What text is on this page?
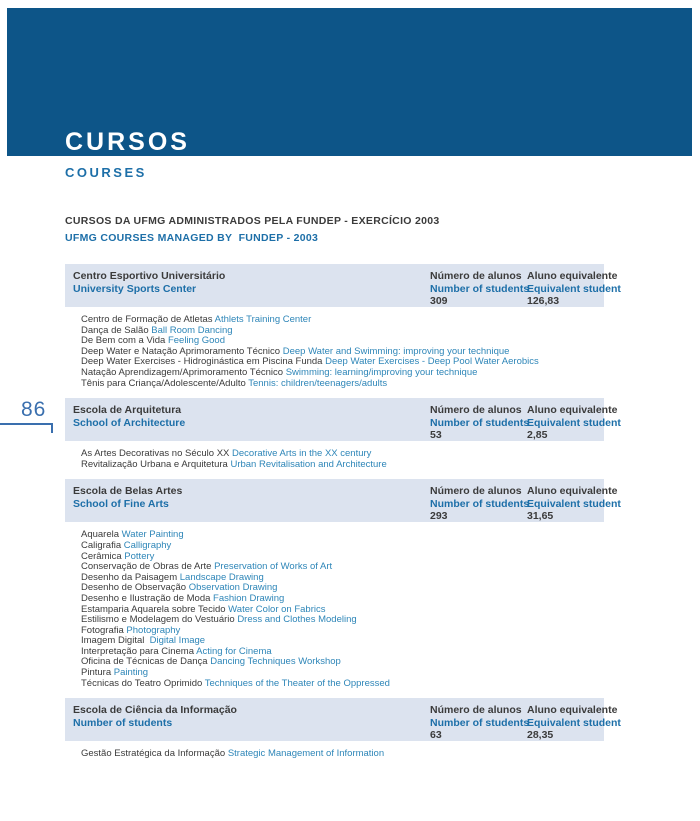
CURSOS
COURSES
CURSOS DA UFMG ADMINISTRADOS PELA FUNDEP - EXERCÍCIO 2003
UFMG COURSES MANAGED BY  FUNDEP - 2003
86
Centro Esportivo Universitário
University Sports Center
Número de alunos
Number of students
309
Aluno equivalente
Equivalent student
126,83
Centro de Formação de Atletas Athlets Training Center
Dança de Salão Ball Room Dancing
De Bem com a Vida Feeling Good
Deep Water e Natação Aprimoramento Técnico Deep Water and Swimming: improving your technique
Deep Water Exercises - Hidroginástica em Piscina Funda Deep Water Exercises - Deep Pool Water Aerobics
Natação Aprendizagem/Aprimoramento Técnico Swimming: learning/improving your technique
Tênis para Criança/Adolescente/Adulto Tennis: children/teenagers/adults
Escola de Arquitetura
School of Architecture
Número de alunos
Number of students
53
Aluno equivalente
Equivalent student
2,85
As Artes Decorativas no Século XX Decorative Arts in the XX century
Revitalização Urbana e Arquitetura Urban Revitalisation and Architecture
Escola de Belas Artes
School of Fine Arts
Número de alunos
Number of students
293
Aluno equivalente
Equivalent student
31,65
Aquarela Water Painting
Caligrafia Calligraphy
Cerâmica Pottery
Conservação de Obras de Arte Preservation of Works of Art
Desenho da Paisagem Landscape Drawing
Desenho de Observação Observation Drawing
Desenho e Ilustração de Moda Fashion Drawing
Estamparia Aquarela sobre Tecido Water Color on Fabrics
Estilismo e Modelagem do Vestuário Dress and Clothes Modeling
Fotografia Photography
Imagem Digital  Digital Image
Interpretação para Cinema Acting for Cinema
Oficina de Técnicas de Dança Dancing Techniques Workshop
Pintura Painting
Técnicas do Teatro Oprimido Techniques of the Theater of the Oppressed
Escola de Ciência da Informação
Number of students
Número de alunos
Number of students
63
Aluno equivalente
Equivalent student
28,35
Gestão Estratégica da Informação Strategic Management of Information
